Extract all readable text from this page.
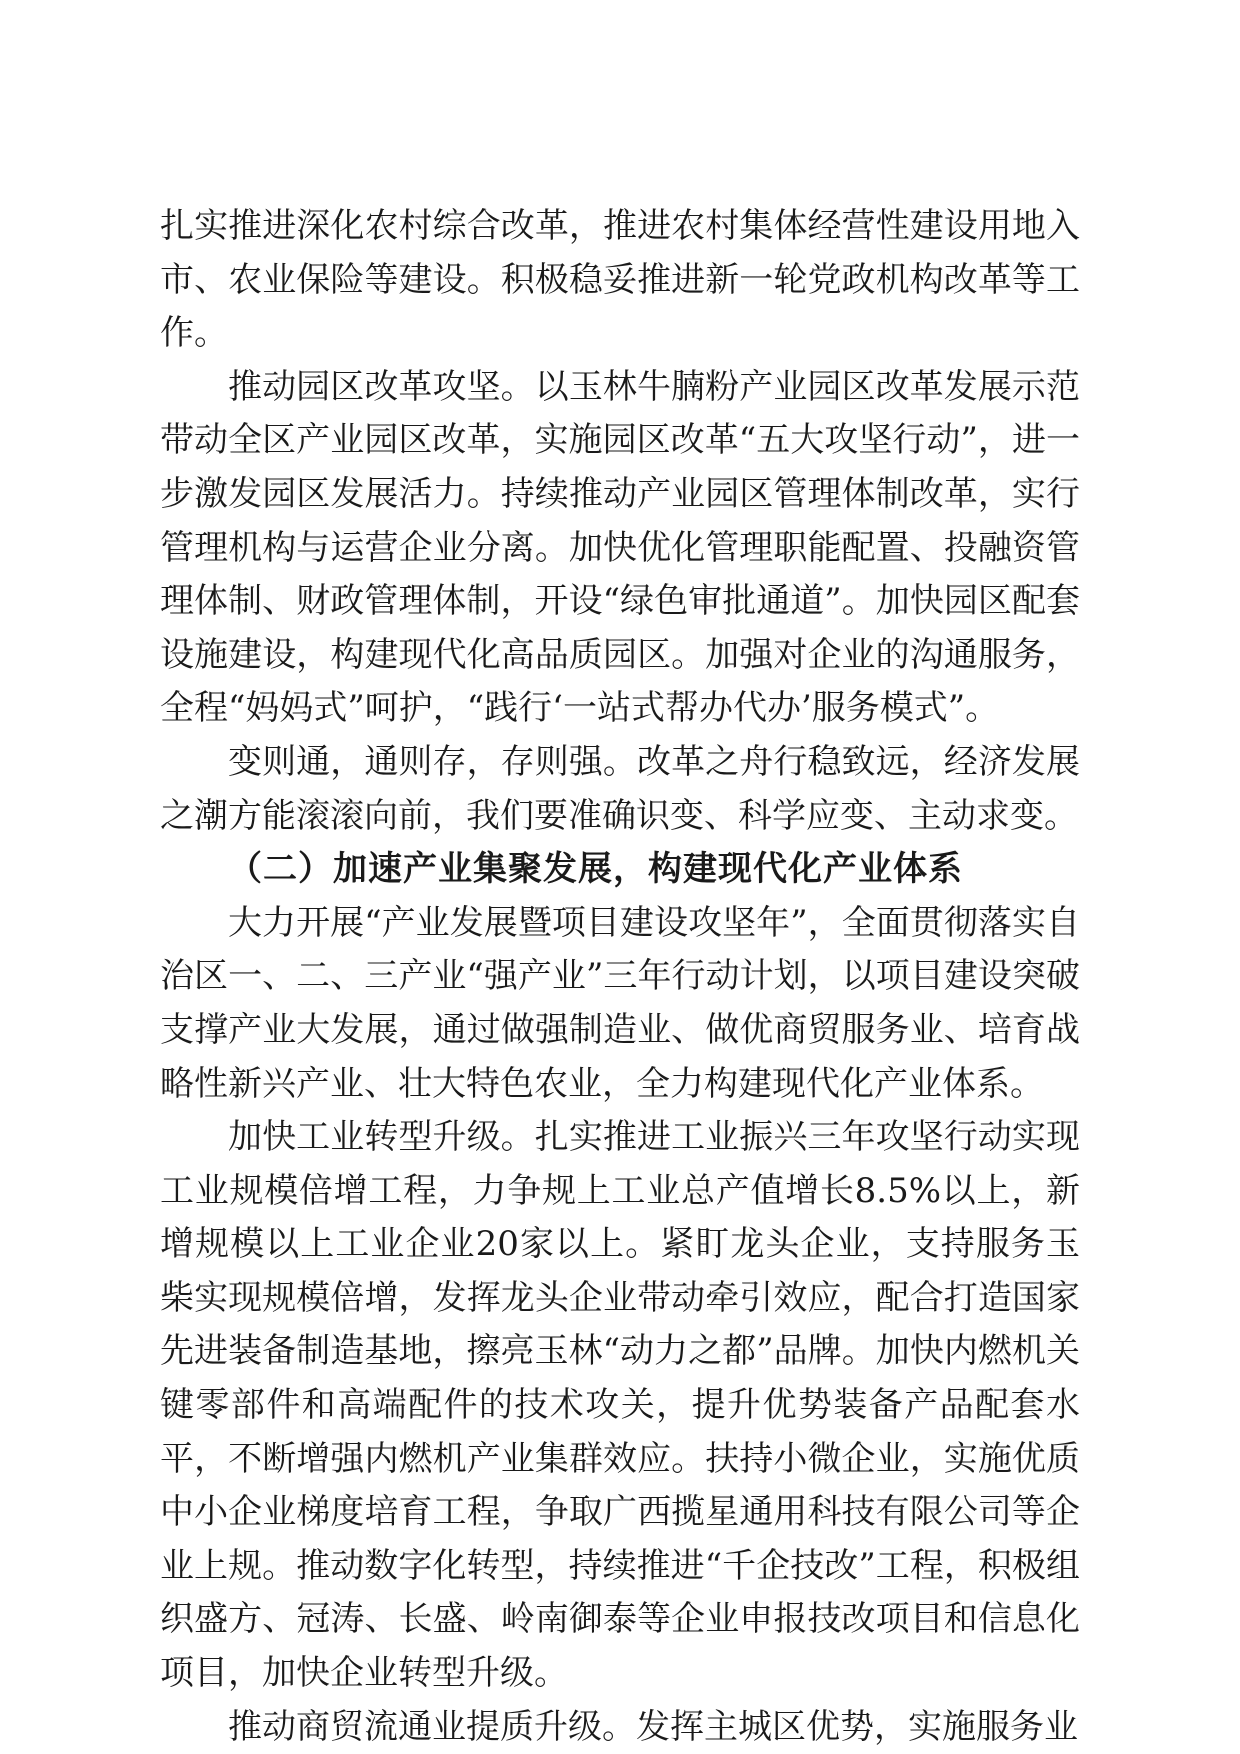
扎实推进深化农村综合改革，推进农村集体经营性建设用地入市、农业保险等建设。积极稳妥推进新一轮党政机构改革等工作。

推动园区改革攻坚。以玉林牛腩粉产业园区改革发展示范带动全区产业园区改革，实施园区改革“五大攻坚行动”，进一步激发园区发展活力。持续推动产业园区管理体制改革，实行管理机构与运营企业分离。加快优化管理职能配置、投融资管理体制、财政管理体制，开设“绿色审批通道”。加快园区配套设施建设，构建现代化高品质园区。加强对企业的沟通服务，全程“妈妈式”呵护，“践行‘一站式帮办代办’服务模式”。

变则通，通则存，存则强。改革之舟行稳致远，经济发展之潮方能滚滚向前，我们要准确识变、科学应变、主动求变。

（二）加速产业集聚发展，构建现代化产业体系

大力开展“产业发展暨项目建设攻坚年”，全面贯彻落实自治区一、二、三产业“强产业”三年行动计划，以项目建设突破支撑产业大发展，通过做强制造业、做优商贸服务业、培育战略性新兴产业、壮大特色农业，全力构建现代化产业体系。

加快工业转型升级。扎实推进工业振兴三年攻坚行动实现工业规模倍增工程，力争规上工业总产值增长8.5%以上，新增规模以上工业企业20家以上。紧盯龙头企业，支持服务玉柴实现规模倍增，发挥龙头企业带动牵引效应，配合打造国家先进装备制造基地，擦亮玉林“动力之都”品牌。加快内燃机关键零部件和高端配件的技术攻关，提升优势装备产品配套水平，不断增强内燃机产业集群效应。扶持小微企业，实施优质中小企业梯度培育工程，争取广西揽星通用科技有限公司等企业上规。推动数字化转型，持续推进“千企技改”工程，积极组织盛方、冠涛、长盛、岭南御泰等企业申报技改项目和信息化项目，加快企业转型升级。

推动商贸流通业提质升级。发挥主城区优势，实施服务业
